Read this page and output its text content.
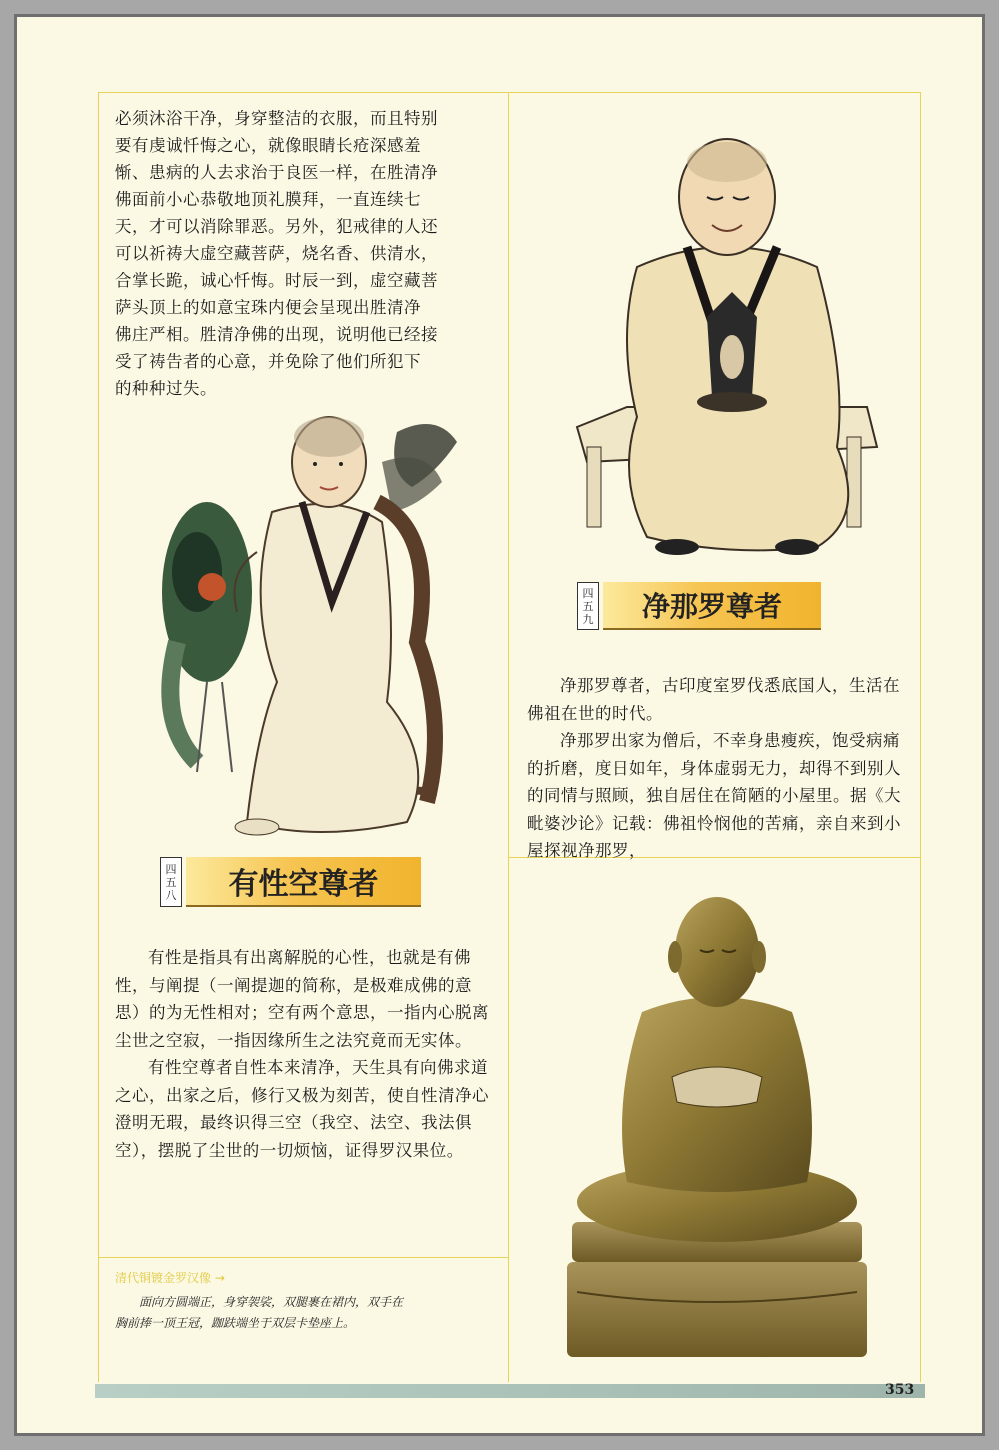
必须沐浴干净，身穿整洁的衣服，而且特别

要有虔诚忏悔之心，就像眼睛长疮深感羞

惭、患病的人去求治于良医一样，在胜清净

佛面前小心恭敬地顶礼膜拜，一直连续七

天，才可以消除罪恶。另外，犯戒律的人还

可以祈祷大虚空藏菩萨，烧名香、供清水，

合掌长跪，诚心忏悔。时辰一到，虚空藏菩

萨头顶上的如意宝珠内便会呈现出胜清净

佛庄严相。胜清净佛的出现，说明他已经接

受了祷告者的心意，并免除了他们所犯下

的种种过失。

四
五
八	有性空尊者

有性是指具有出离解脱的心性，也就是有佛性，与阐提（一阐提迦的简称，是极难成佛的意思）的为无性相对；空有两个意思，一指内心脱离尘世之空寂，一指因缘所生之法究竟而无实体。

有性空尊者自性本来清净，天生具有向佛求道之心，出家之后，修行又极为刻苦，使自性清净心澄明无瑕，最终识得三空（我空、法空、我法俱空），摆脱了尘世的一切烦恼，证得罗汉果位。

清代铜镀金罗汉像 →

面向方圆端正，身穿袈裟，双腿裹在裙内，双手在

胸前捧一顶王冠，跏趺端坐于双层卡垫座上。

四
五
九	净那罗尊者

净那罗尊者，古印度室罗伐悉底国人，生活在佛祖在世的时代。

净那罗出家为僧后，不幸身患瘦疾，饱受病痛的折磨，度日如年，身体虚弱无力，却得不到别人的同情与照顾，独自居住在简陋的小屋里。据《大毗婆沙论》记载：佛祖怜悯他的苦痛，亲自来到小屋探视净那罗，

353
